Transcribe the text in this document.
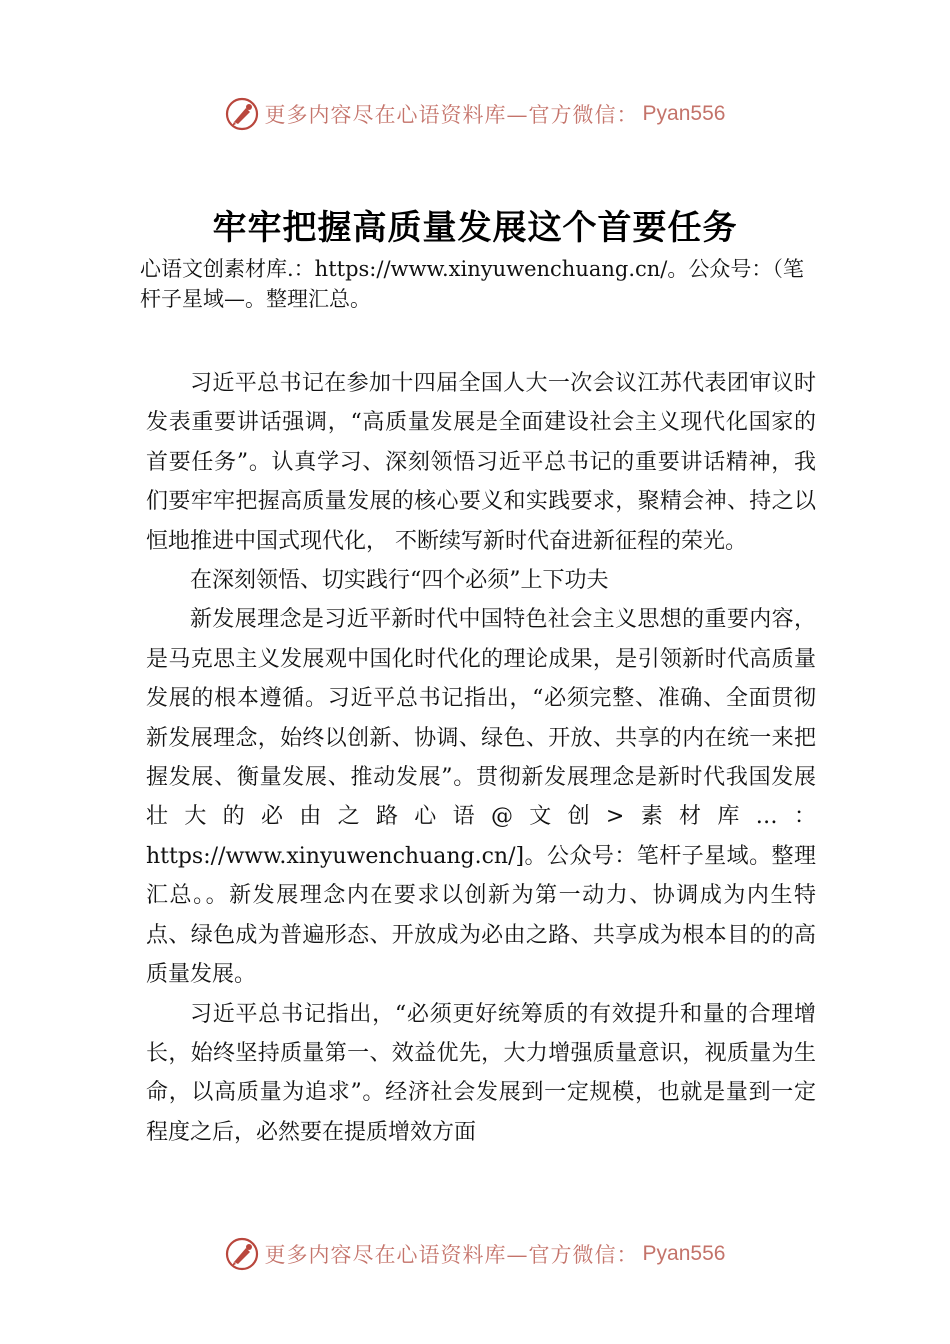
更多内容尽在心语资料库—官方微信： Pyan556
牢牢把握高质量发展这个首要任务

心语文创素材库.：https://www.xinyuwenchuang.cn/。公众号：（笔杆子星域—。整理汇总。

习近平总书记在参加十四届全国人大一次会议江苏代表团审议时发表重要讲话强调，“高质量发展是全面建设社会主义现代化国家的首要任务”。认真学习、深刻领悟习近平总书记的重要讲话精神，我们要牢牢把握高质量发展的核心要义和实践要求，聚精会神、持之以恒地推进中国式现代化， 不断续写新时代奋进新征程的荣光。

在深刻领悟、切实践行“四个必须”上下功夫

新发展理念是习近平新时代中国特色社会主义思想的重要内容，是马克思主义发展观中国化时代化的理论成果，是引领新时代高质量发展的根本遵循。习近平总书记指出，“必须完整、准确、全面贯彻新发展理念，始终以创新、协调、绿色、开放、共享的内在统一来把握发展、衡量发展、推动发展”。贯彻新发展理念是新时代我国发展壮大的必由之路心语@文创>素材库…：https://www.xinyuwenchuang.cn/]。公众号：笔杆子星域。整理汇总。。新发展理念内在要求以创新为第一动力、协调成为内生特点、绿色成为普遍形态、开放成为必由之路、共享成为根本目的的高质量发展。

习近平总书记指出，“必须更好统筹质的有效提升和量的合理增长，始终坚持质量第一、效益优先，大力增强质量意识，视质量为生命，以高质量为追求”。经济社会发展到一定规模，也就是量到一定程度之后，必然要在提质增效方面

更多内容尽在心语资料库—官方微信： Pyan556
